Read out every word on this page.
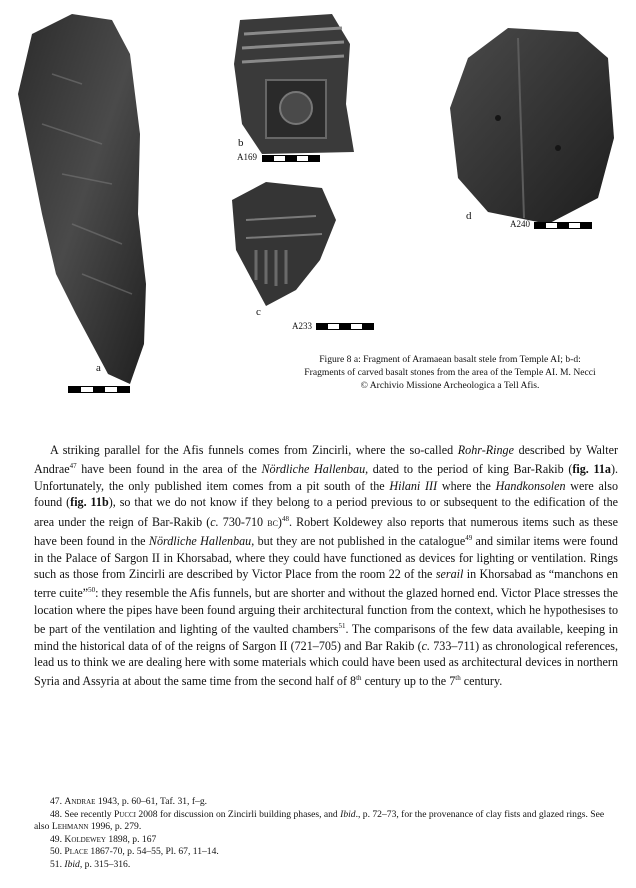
a
b
A169
c
A233
d
A240
Figure 8 a: Fragment of Aramaean basalt stele from Temple AI; b-d: Fragments of carved basalt stones from the area of the Temple AI. M. Necci © Archivio Missione Archeologica a Tell Afis.

A striking parallel for the Afis funnels comes from Zincirli, where the so-called Rohr-Ringe described by Walter Andrae$^{47}$ have been found in the area of the Nördliche Hallenbau, dated to the period of king Bar-Rakib (fig. 11a). Unfortunately, the only published item comes from a pit south of the Hilani III where the Handkonsolen were also found (fig. 11b), so that we do not know if they belong to a period previous to or subsequent to the edification of the area under the reign of Bar-Rakib (c. 730-710 bc)$^{48}$. Robert Koldewey also reports that numerous items such as these have been found in the Nördliche Hallenbau, but they are not published in the catalogue$^{49}$ and similar items were found in the Palace of Sargon II in Khorsabad, where they could have functioned as devices for lighting or ventilation. Rings such as those from Zincirli are described by Victor Place from the room 22 of the serail in Khorsabad as “manchons en terre cuite”$^{50}$: they resemble the Afis funnels, but are shorter and without the glazed horned end. Victor Place stresses the location where the pipes have been found arguing their architectural function from the context, which he hypothesises to be part of the ventilation and lighting of the vaulted chambers$^{51}$. The comparisons of the few data available, keeping in mind the historical data of of the reigns of Sargon II (721–705) and Bar Rakib (c. 733–711) as chronological references, lead us to think we are dealing here with some materials which could have been used as architectural devices in northern Syria and Assyria at about the same time from the second half of 8th century up to the 7th century.

47. Andrae 1943, p. 60–61, Taf. 31, f–g.
48. See recently Pucci 2008 for discussion on Zincirli building phases, and Ibid., p. 72–73, for the provenance of clay fists and glazed rings. See also Lehmann 1996, p. 279.
49. Koldewey 1898, p. 167
50. Place 1867-70, p. 54–55, Pl. 67, 11–14.
51. Ibid, p. 315–316.
